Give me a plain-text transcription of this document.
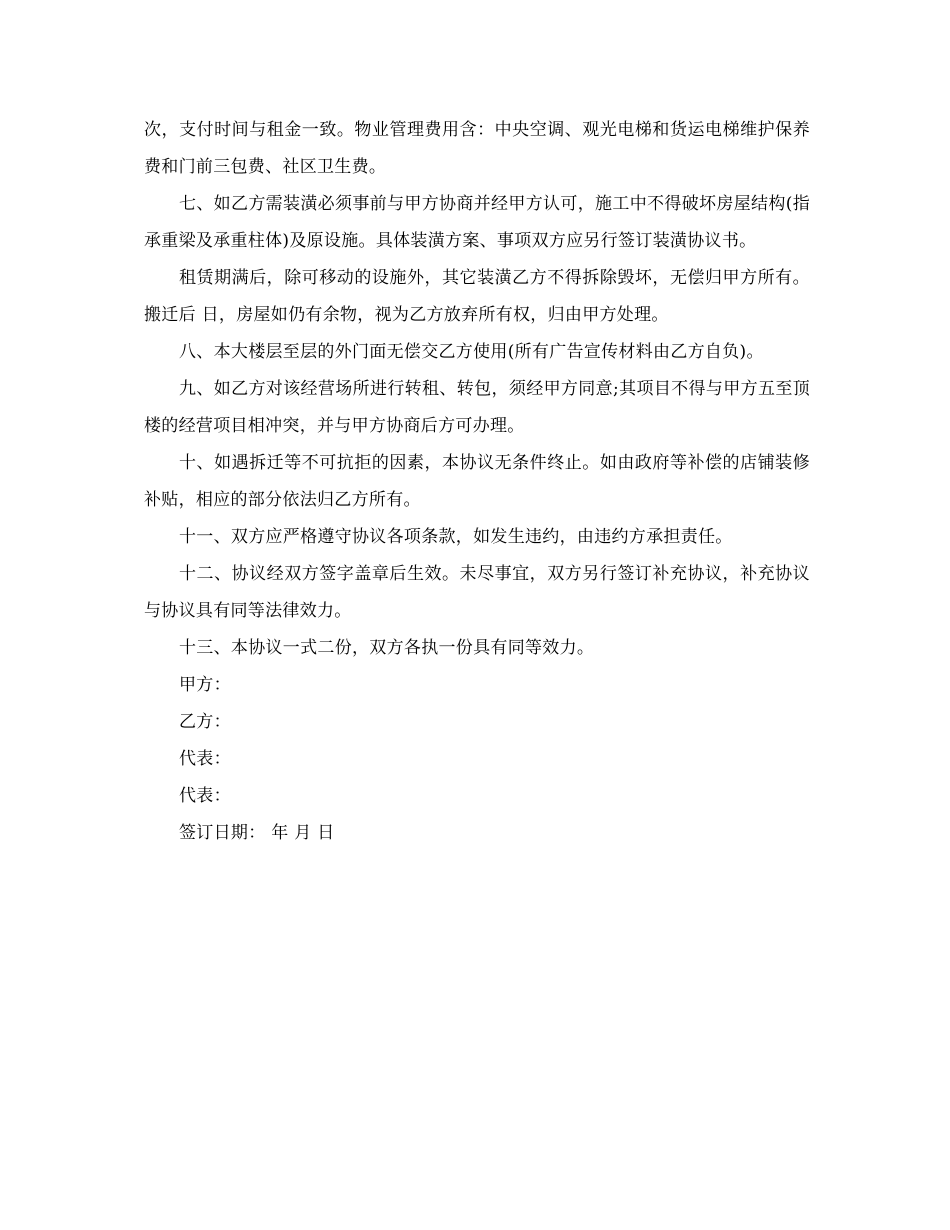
次，支付时间与租金一致。物业管理费用含：中央空调、观光电梯和货运电梯维护保养费和门前三包费、社区卫生费。

七、如乙方需装潢必须事前与甲方协商并经甲方认可，施工中不得破坏房屋结构(指承重梁及承重柱体)及原设施。具体装潢方案、事项双方应另行签订装潢协议书。

租赁期满后，除可移动的设施外，其它装潢乙方不得拆除毁坏，无偿归甲方所有。搬迁后 日，房屋如仍有余物，视为乙方放弃所有权，归由甲方处理。

八、本大楼层至层的外门面无偿交乙方使用(所有广告宣传材料由乙方自负)。

九、如乙方对该经营场所进行转租、转包，须经甲方同意;其项目不得与甲方五至顶楼的经营项目相冲突，并与甲方协商后方可办理。

十、如遇拆迁等不可抗拒的因素，本协议无条件终止。如由政府等补偿的店铺装修补贴，相应的部分依法归乙方所有。

十一、双方应严格遵守协议各项条款，如发生违约，由违约方承担责任。

十二、协议经双方签字盖章后生效。未尽事宜，双方另行签订补充协议，补充协议与协议具有同等法律效力。

十三、本协议一式二份，双方各执一份具有同等效力。

甲方：

乙方：

代表：

代表：

签订日期： 年 月 日
